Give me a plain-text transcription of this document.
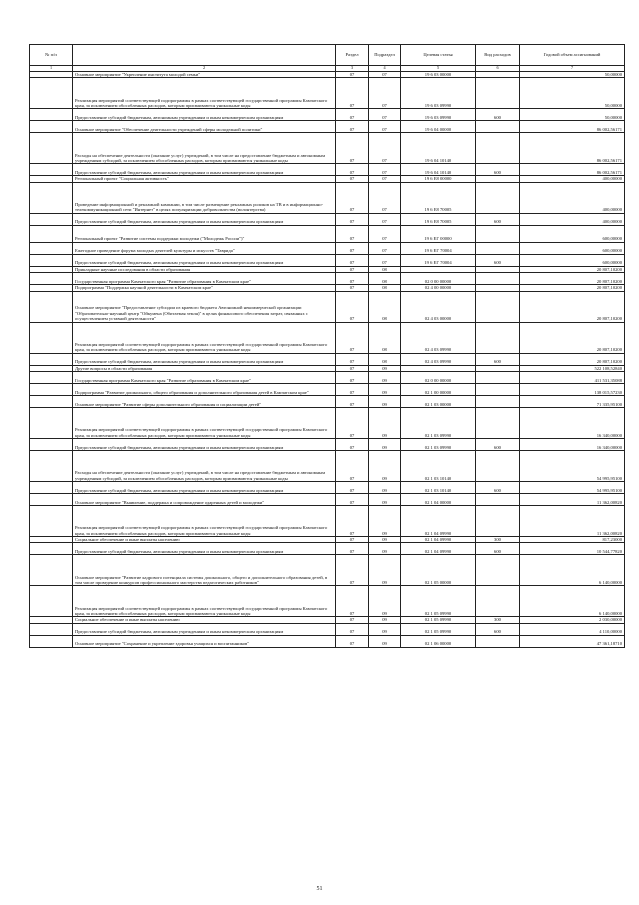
№ п/п		Раздел	Подраздел	Целевая статья	Вид расходов	Годовой объем ассигнований
1	2	3	4	5	6	7
	Основное мероприятие "Укрепление института молодой семьи"	07	07	19 6 03 00000		50,00000
	Реализация мероприятий соответствующей подпрограммы в рамках соответствующей государственной программы Камчатского края, за исключением обособленных расходов, которым присваиваются уникальные коды	07	07	19 6 03 09990		50,00000
	Предоставление субсидий бюджетным, автономным учреждениям и иным некоммерческим организациям	07	07	19 6 03 09990	600	50,00000
	Основное мероприятие "Обеспечение деятельности учреждений сферы молодежной политики"	07	07	19 6 04 00000		86 002,56171
	Расходы на обеспечение деятельности (оказание услуг) учреждений, в том числе на предоставление бюджетным и автономным учреждениям субсидий, за исключением обособленных расходов, которым присваиваются уникальные коды	07	07	19 6 04 10140		86 002,56171
	Предоставление субсидий бюджетным, автономным учреждениям и иным некоммерческим организациям	07	07	19 6 04 10140	600	86 002,56171
	Региональный проект "Социальная активность"	07	07	19 6 E8 00000		400,00000
	Проведение информационной и рекламной кампании, в том числе размещение рекламных роликов на ТВ и в информационно-телекоммуникационной сети "Интернет" в целях популяризации добровольчества (волонтерства)	07	07	19 6 E8 70005		400,00000
	Предоставление субсидий бюджетным, автономным учреждениям и иным некоммерческим организациям	07	07	19 6 E8 70005	600	400,00000
	Региональный проект "Развитие системы поддержки молодежи ("Молодежь России")"	07	07	19 6 EГ 00000		600,00000
	Ежегодное проведение форума молодых деятелей культуры и искусств "Таврида"	07	07	19 6 EГ 70004		600,00000
	Предоставление субсидий бюджетным, автономным учреждениям и иным некоммерческим организациям	07	07	19 6 EГ 70004	600	600,00000
	Прикладные научные исследования в области образования	07	08			20 807,10200
	Государственная программа Камчатского края "Развитие образования в Камчатском крае"	07	08	02 0 00 00000		20 807,10200
	Подпрограмма "Поддержка научной деятельности в Камчатском крае"	07	08	02 4 00 00000		20 807,10200
	Основное мероприятие "Предоставление субсидии из краевого бюджета Автономной некоммерческой организации "Образовательно-научный центр "Ойкумена (Обитаемая земля)" в целях финансового обеспечения затрат, связанных с осуществлением уставной деятельности"	07	08	02 4 03 00000		20 807,10200
	Реализация мероприятий соответствующей подпрограммы в рамках соответствующей государственной программы Камчатского края, за исключением обособленных расходов, которым присваиваются уникальные коды	07	08	02 4 03 09990		20 807,10200
	Предоставление субсидий бюджетным, автономным учреждениям и иным некоммерческим организациям	07	08	02 4 03 09990	600	20 807,10200
	Другие вопросы в области образования	07	09			522 108,52840
	Государственная программа Камчатского края "Развитие образования в Камчатском крае"	07	09	02 0 00 00000		411 531,35088
	Подпрограмма "Развитие дошкольного, общего образования и дополнительного образования детей в Камчатском крае"	07	09	02 1 00 00000		138 015,57230
	Основное мероприятие "Развитие сферы дополнительного образования и социализации детей"	07	09	02 1 03 00000		71 335,95100
	Реализация мероприятий соответствующей подпрограммы в рамках соответствующей государственной программы Камчатского края, за исключением обособленных расходов, которым присваиваются уникальные коды	07	09	02 1 03 09990		16 340,00000
	Предоставление субсидий бюджетным, автономным учреждениям и иным некоммерческим организациям	07	09	02 1 03 09990	600	16 340,00000
	Расходы на обеспечение деятельности (оказание услуг) учреждений, в том числе на предоставление бюджетным и автономным учреждениям субсидий, за исключением обособленных расходов, которым присваиваются уникальные коды	07	09	02 1 03 10140		54 995,95100
	Предоставление субсидий бюджетным, автономным учреждениям и иным некоммерческим организациям	07	09	02 1 03 10140	600	54 995,95100
	Основное мероприятие "Выявление, поддержка и сопровождение одаренных детей и молодежи"	07	09	02 1 04 00000		11 362,00820
	Реализация мероприятий соответствующей подпрограммы в рамках соответствующей государственной программы Камчатского края, за исключением обособленных расходов, которым присваиваются уникальные коды	07	09	02 1 04 09990		11 362,00820
	Социальное обеспечение и иные выплаты населению	07	09	02 1 04 09990	300	817,23000
	Предоставление субсидий бюджетным, автономным учреждениям и иным некоммерческим организациям	07	09	02 1 04 09990	600	10 544,77820
	Основное мероприятие "Развитие кадрового потенциала системы дошкольного, общего и дополнительного образования детей, в том числе проведение конкурсов профессионального мастерства педагогических работников"	07	09	02 1 05 00000		6 140,00000
	Реализация мероприятий соответствующей подпрограммы в рамках соответствующей государственной программы Камчатского края, за исключением обособленных расходов, которым присваиваются уникальные коды	07	09	02 1 05 09990		6 140,00000
	Социальное обеспечение и иные выплаты населению	07	09	02 1 05 09990	300	2 030,00000
	Предоставление субсидий бюджетным, автономным учреждениям и иным некоммерческим организациям	07	09	02 1 05 09990	600	4 110,00000
	Основное мероприятие "Сохранение и укрепление здоровья учащихся и воспитанников"	07	09	02 1 06 00000		47 361,18710
51
